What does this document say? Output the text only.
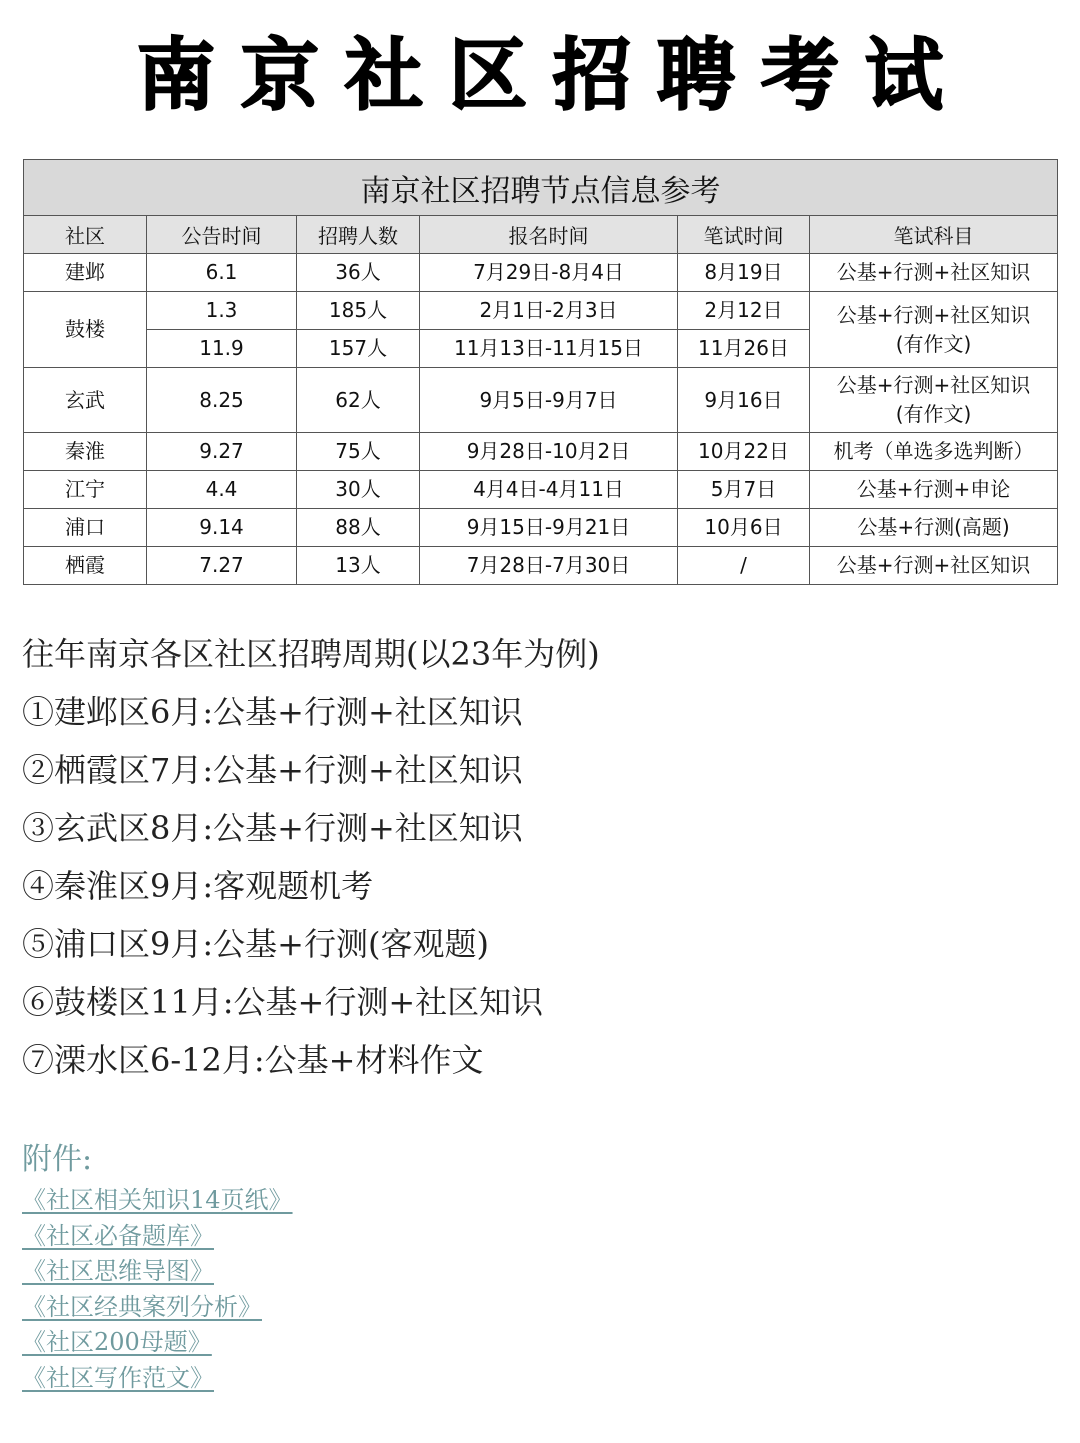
南京社区招聘考试
南京社区招聘节点信息参考					
社区	公告时间	招聘人数	报名时间	笔试时间	笔试科目
建邺	6.1	36人	7月29日-8月4日	8月19日	公基+行测+社区知识
鼓楼	1.3	185人	2月1日-2月3日	2月12日	公基+行测+社区知识
(有作文)

	11.9	157人	11月13日-11月15日	11月26日	
玄武	8.25	62人	9月5日-9月7日	9月16日	公基+行测+社区知识
(有作文)

秦淮	9.27	75人	9月28日-10月2日	10月22日	机考（单选多选判断）
江宁	4.4	30人	4月4日-4月11日	5月7日	公基+行测+申论
浦口	9.14	88人	9月15日-9月21日	10月6日	公基+行测(高题)
栖霞	7.27	13人	7月28日-7月30日	/	公基+行测+社区知识
往年南京各区社区招聘周期(以23年为例)
①建邺区6月:公基+行测+社区知识
②栖霞区7月:公基+行测+社区知识
③玄武区8月:公基+行测+社区知识
④秦淮区9月:客观题机考
⑤浦口区9月:公基+行测(客观题)
⑥鼓楼区11月:公基+行测+社区知识
⑦溧水区6-12月:公基+材料作文
附件:
《社区相关知识14页纸》
《社区必备题库》
《社区思维导图》
《社区经典案列分析》
《社区200母题》
《社区写作范文》
